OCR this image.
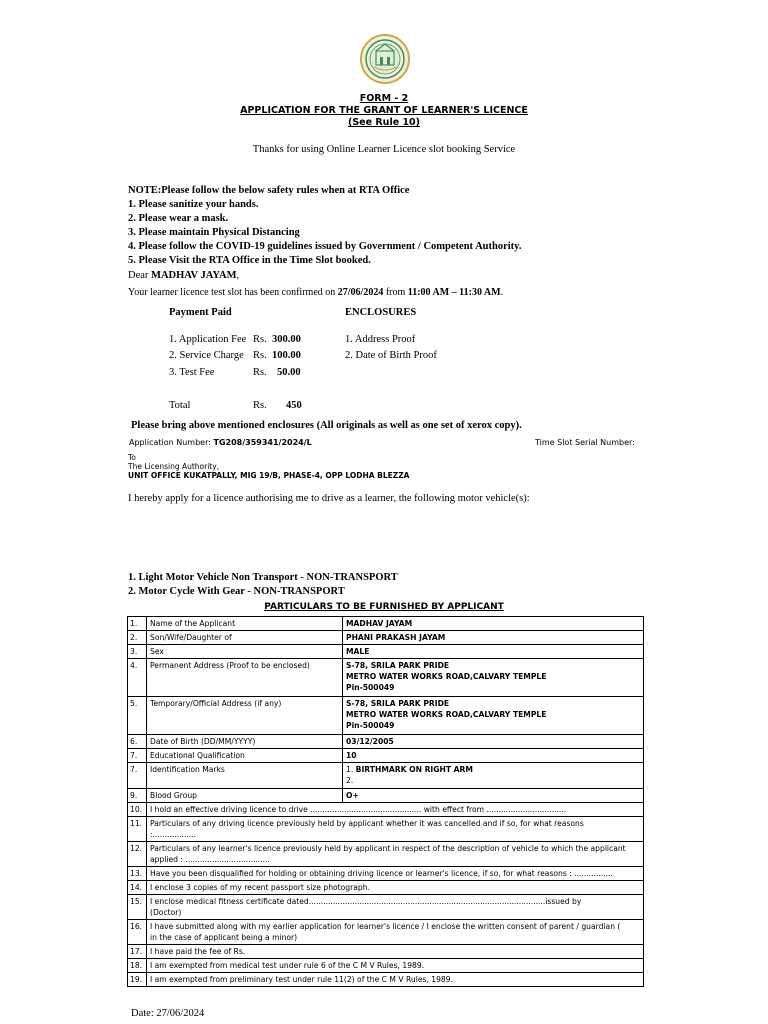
FORM - 2
APPLICATION FOR THE GRANT OF LEARNER'S LICENCE
(See Rule 10)
Thanks for using Online Learner Licence slot booking Service
NOTE:Please follow the below safety rules when at RTA Office
1. Please sanitize your hands.
2. Please wear a mask.
3. Please maintain Physical Distancing
4. Please follow the COVID-19 guidelines issued by Government / Competent Authority.
5. Please Visit the RTA Office in the Time Slot booked.
Dear MADHAV JAYAM,
Your learner licence test slot has been confirmed on 27/06/2024 from 11:00 AM – 11:30 AM.
Payment Paid	ENCLOSURES
1. Application Fee Rs. 300.00
2. Service Charge Rs. 100.00
3. Test Fee	Rs. 50.00
1. Address Proof
2. Date of Birth Proof
Total	Rs. 450
Please bring above mentioned enclosures (All originals as well as one set of xerox copy).
Application Number: TG208/359341/2024/L	Time Slot Serial Number:
To
The Licensing Authority,
UNIT OFFICE KUKATPALLY, MIG 19/B, PHASE-4, OPP LODHA BLEZZA
I hereby apply for a licence authorising me to drive as a learner, the following motor vehicle(s):
1. Light Motor Vehicle Non Transport - NON-TRANSPORT
2. Motor Cycle With Gear - NON-TRANSPORT
PARTICULARS TO BE FURNISHED BY APPLICANT
1.	Name of the Applicant	MADHAV JAYAM
2.	Son/Wife/Daughter of	PHANI PRAKASH JAYAM
3.	Sex	MALE
4.	Permanent Address (Proof to be enclosed)	S-78, SRILA PARK PRIDE
METRO WATER WORKS ROAD,CALVARY TEMPLE
Pin-500049

5.	Temporary/Official Address (if any)	S-78, SRILA PARK PRIDE
METRO WATER WORKS ROAD,CALVARY TEMPLE
Pin-500049

6.	Date of Birth (DD/MM/YYYY)	03/12/2005
7.	Educational Qualification	10
7.	Identification Marks	1. BIRTHMARK ON RIGHT ARM
2.

9.	Blood Group	O+
10.	I hold an effective driving licence to drive .............................................. with effect from .................................	
11.	Particulars of any driving licence previously held by applicant whether it was cancelled and if so, for what reasons
:..................	

12.	Particulars of any learner's licence previously held by applicant in respect of the description of vehicle to which the applicant
applied : ...................................	

13.	Have you been disqualified for holding or obtaining driving licence or learner's licence, if so, for what reasons : ................	
14.	I enclose 3 copies of my recent passport size photograph.	
15.	I enclose medical fitness certificate dated..................................................................................................issued by
(Doctor)	

16.	I have submitted along with my earlier application for learner's licence / I enclose the written consent of parent / guardian (
in the case of applicant being a minor)	

17.	I have paid the fee of Rs.	
18.	I am exempted from medical test under rule 6 of the C M V Rules, 1989.	
19.	I am exempted from preliminary test under rule 11(2) of the C M V Rules, 1989.	
Date: 27/06/2024
